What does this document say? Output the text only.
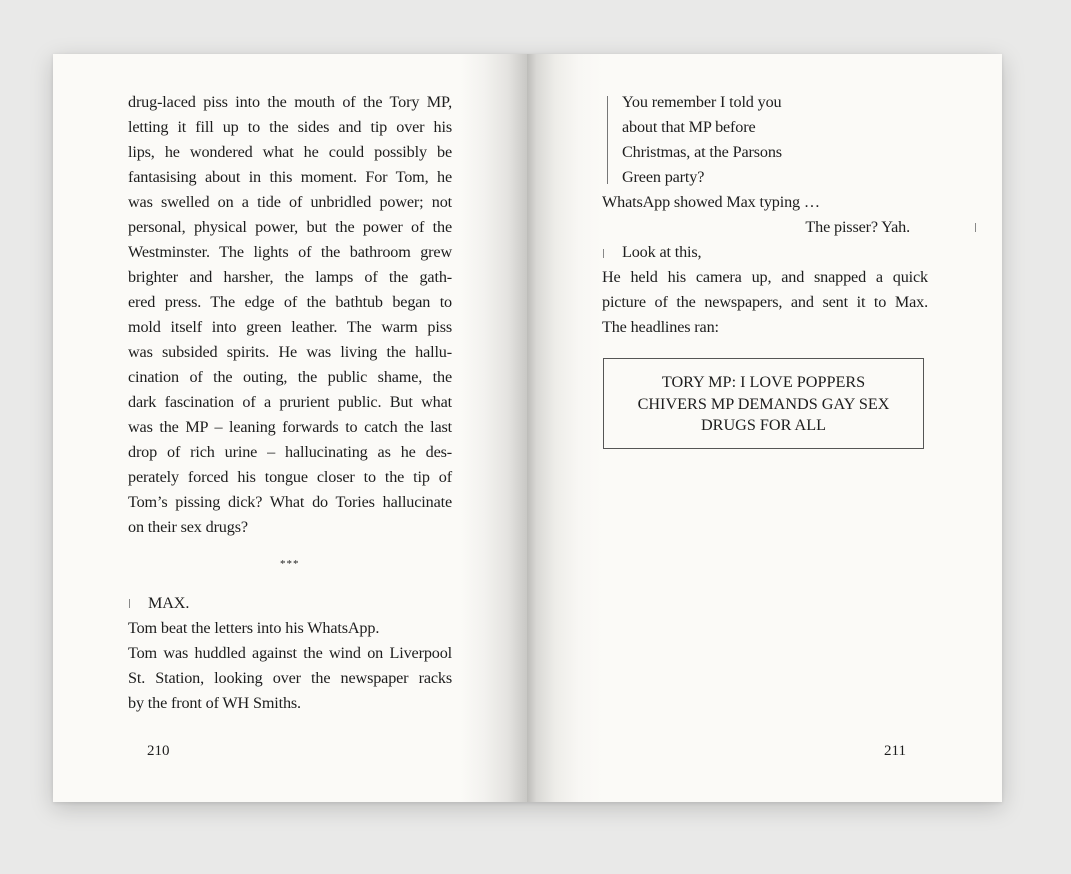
drug-laced piss into the mouth of the Tory MP,
letting it fill up to the sides and tip over his
lips, he wondered what he could possibly be
fantasising about in this moment. For Tom, he
was swelled on a tide of unbridled power; not
personal, physical power, but the power of the
Westminster. The lights of the bathroom grew
brighter and harsher, the lamps of the gath-
ered press. The edge of the bathtub began to
mold itself into green leather. The warm piss
was subsided spirits. He was living the hallu-
cination of the outing, the public shame, the
dark fascination of a prurient public. But what
was the MP – leaning forwards to catch the last
drop of rich urine – hallucinating as he des-
perately forced his tongue closer to the tip of
Tom’s pissing dick? What do Tories hallucinate
on their sex drugs?
***
MAX.
Tom beat the letters into his WhatsApp.
Tom was huddled against the wind on Liverpool
St. Station, looking over the newspaper racks
by the front of WH Smiths.
210
You remember I told you
about that MP before
Christmas, at the Parsons
Green party?
WhatsApp showed Max typing …
The pisser? Yah.
Look at this,
He held his camera up, and snapped a quick
picture of the newspapers, and sent it to Max.
The headlines ran:
TORY MP: I LOVE POPPERS
CHIVERS MP DEMANDS GAY SEX
DRUGS FOR ALL
211
